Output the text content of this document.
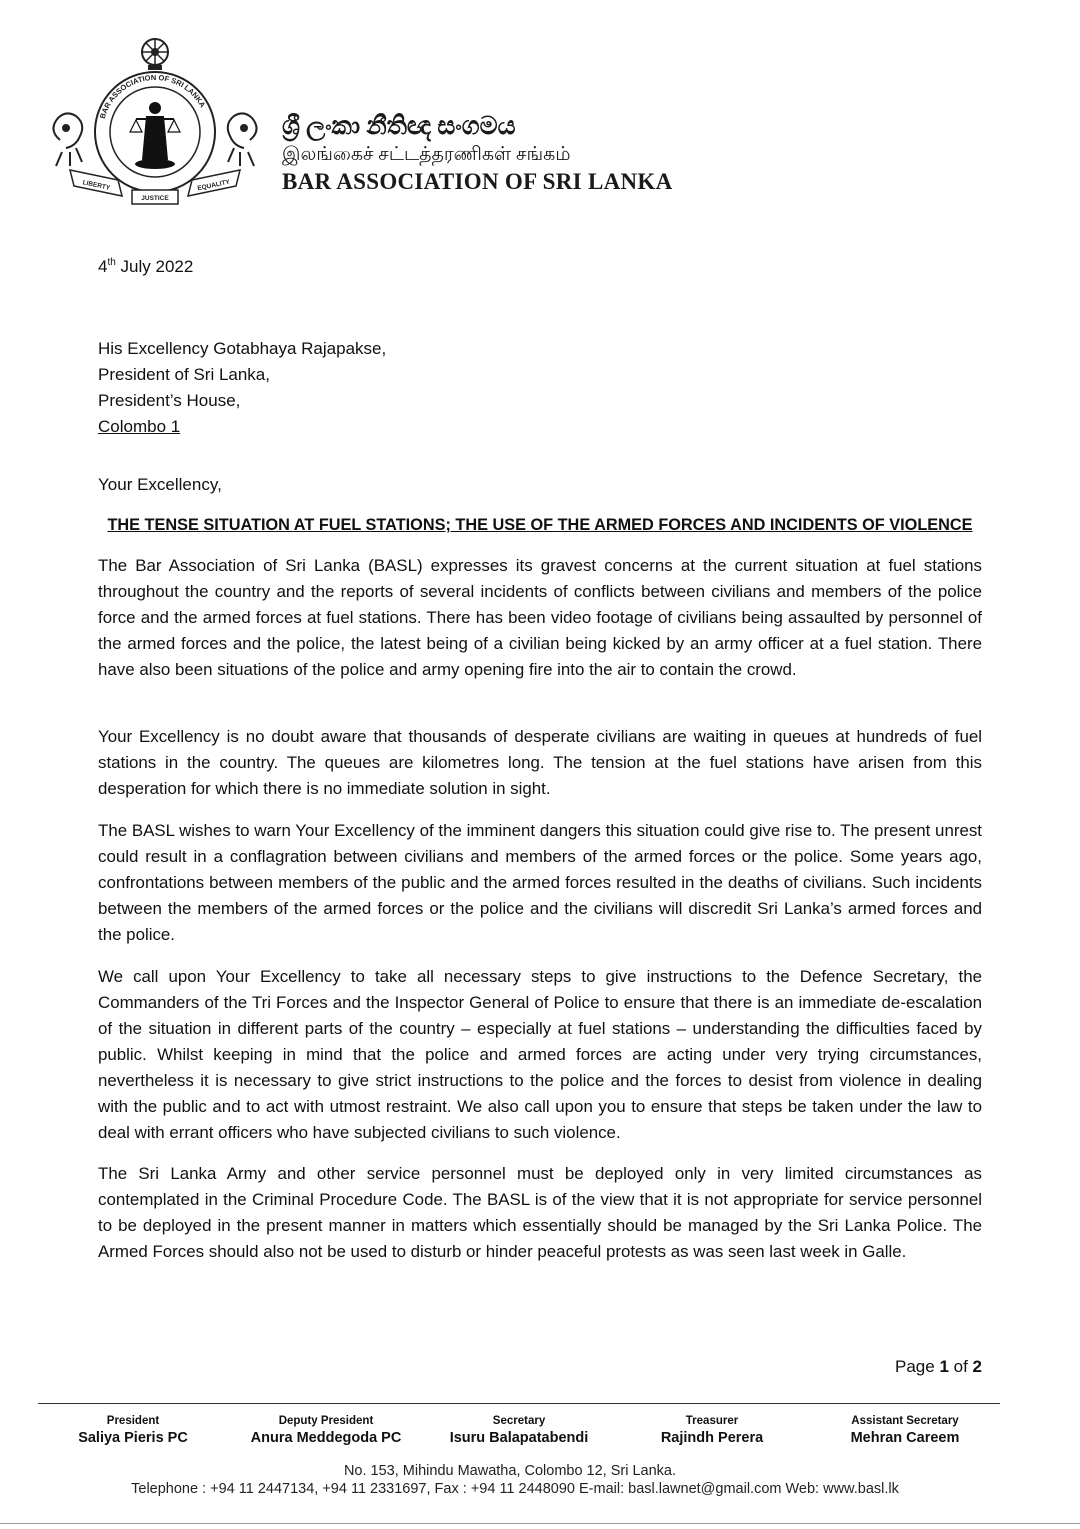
BAR ASSOCIATION OF SRI LANKA
LIBERTY
JUSTICE
EQUALITY
ශ්‍රී ලංකා නීතිඥ සංගමය
இலங்கைச் சட்டத்தரணிகள் சங்கம்
BAR ASSOCIATION OF SRI LANKA
4th July 2022
His Excellency Gotabhaya Rajapakse,
President of Sri Lanka,
President’s House,
Colombo 1
Your Excellency,
THE TENSE SITUATION AT FUEL STATIONS; THE USE OF THE ARMED FORCES AND INCIDENTS OF VIOLENCE

The Bar Association of Sri Lanka (BASL) expresses its gravest concerns at the current situation at fuel stations throughout the country and the reports of several incidents of conflicts between civilians and members of the police force and the armed forces at fuel stations. There has been video footage of civilians being assaulted by personnel of the armed forces and the police, the latest being of a civilian being kicked by an army officer at a fuel station. There have also been situations of the police and army opening fire into the air to contain the crowd.

Your Excellency is no doubt aware that thousands of desperate civilians are waiting in queues at hundreds of fuel stations in the country. The queues are kilometres long. The tension at the fuel stations have arisen from this desperation for which there is no immediate solution in sight.

The BASL wishes to warn Your Excellency of the imminent dangers this situation could give rise to. The present unrest could result in a conflagration between civilians and members of the armed forces or the police. Some years ago, confrontations between members of the public and the armed forces resulted in the deaths of civilians. Such incidents between the members of the armed forces or the police and the civilians will discredit Sri Lanka’s armed forces and the police.

We call upon Your Excellency to take all necessary steps to give instructions to the Defence Secretary, the Commanders of the Tri Forces and the Inspector General of Police to ensure that there is an immediate de-escalation of the situation in different parts of the country – especially at fuel stations – understanding the difficulties faced by public. Whilst keeping in mind that the police and armed forces are acting under very trying circumstances, nevertheless it is necessary to give strict instructions to the police and the forces to desist from violence in dealing with the public and to act with utmost restraint. We also call upon you to ensure that steps be taken under the law to deal with errant officers who have subjected civilians to such violence.

The Sri Lanka Army and other service personnel must be deployed only in very limited circumstances as contemplated in the Criminal Procedure Code. The BASL is of the view that it is not appropriate for service personnel to be deployed in the present manner in matters which essentially should be managed by the Sri Lanka Police. The Armed Forces should also not be used to disturb or hinder peaceful protests as was seen last week in Galle.

Page 1 of 2
President
Saliya Pieris PC
Deputy President
Anura Meddegoda PC
Secretary
Isuru Balapatabendi
Treasurer
Rajindh Perera
Assistant Secretary
Mehran Careem
No. 153, Mihindu Mawatha, Colombo 12, Sri Lanka.
Telephone : +94 11 2447134, +94 11 2331697, Fax : +94 11 2448090 E-mail: basl.lawnet@gmail.com Web: www.basl.lk
